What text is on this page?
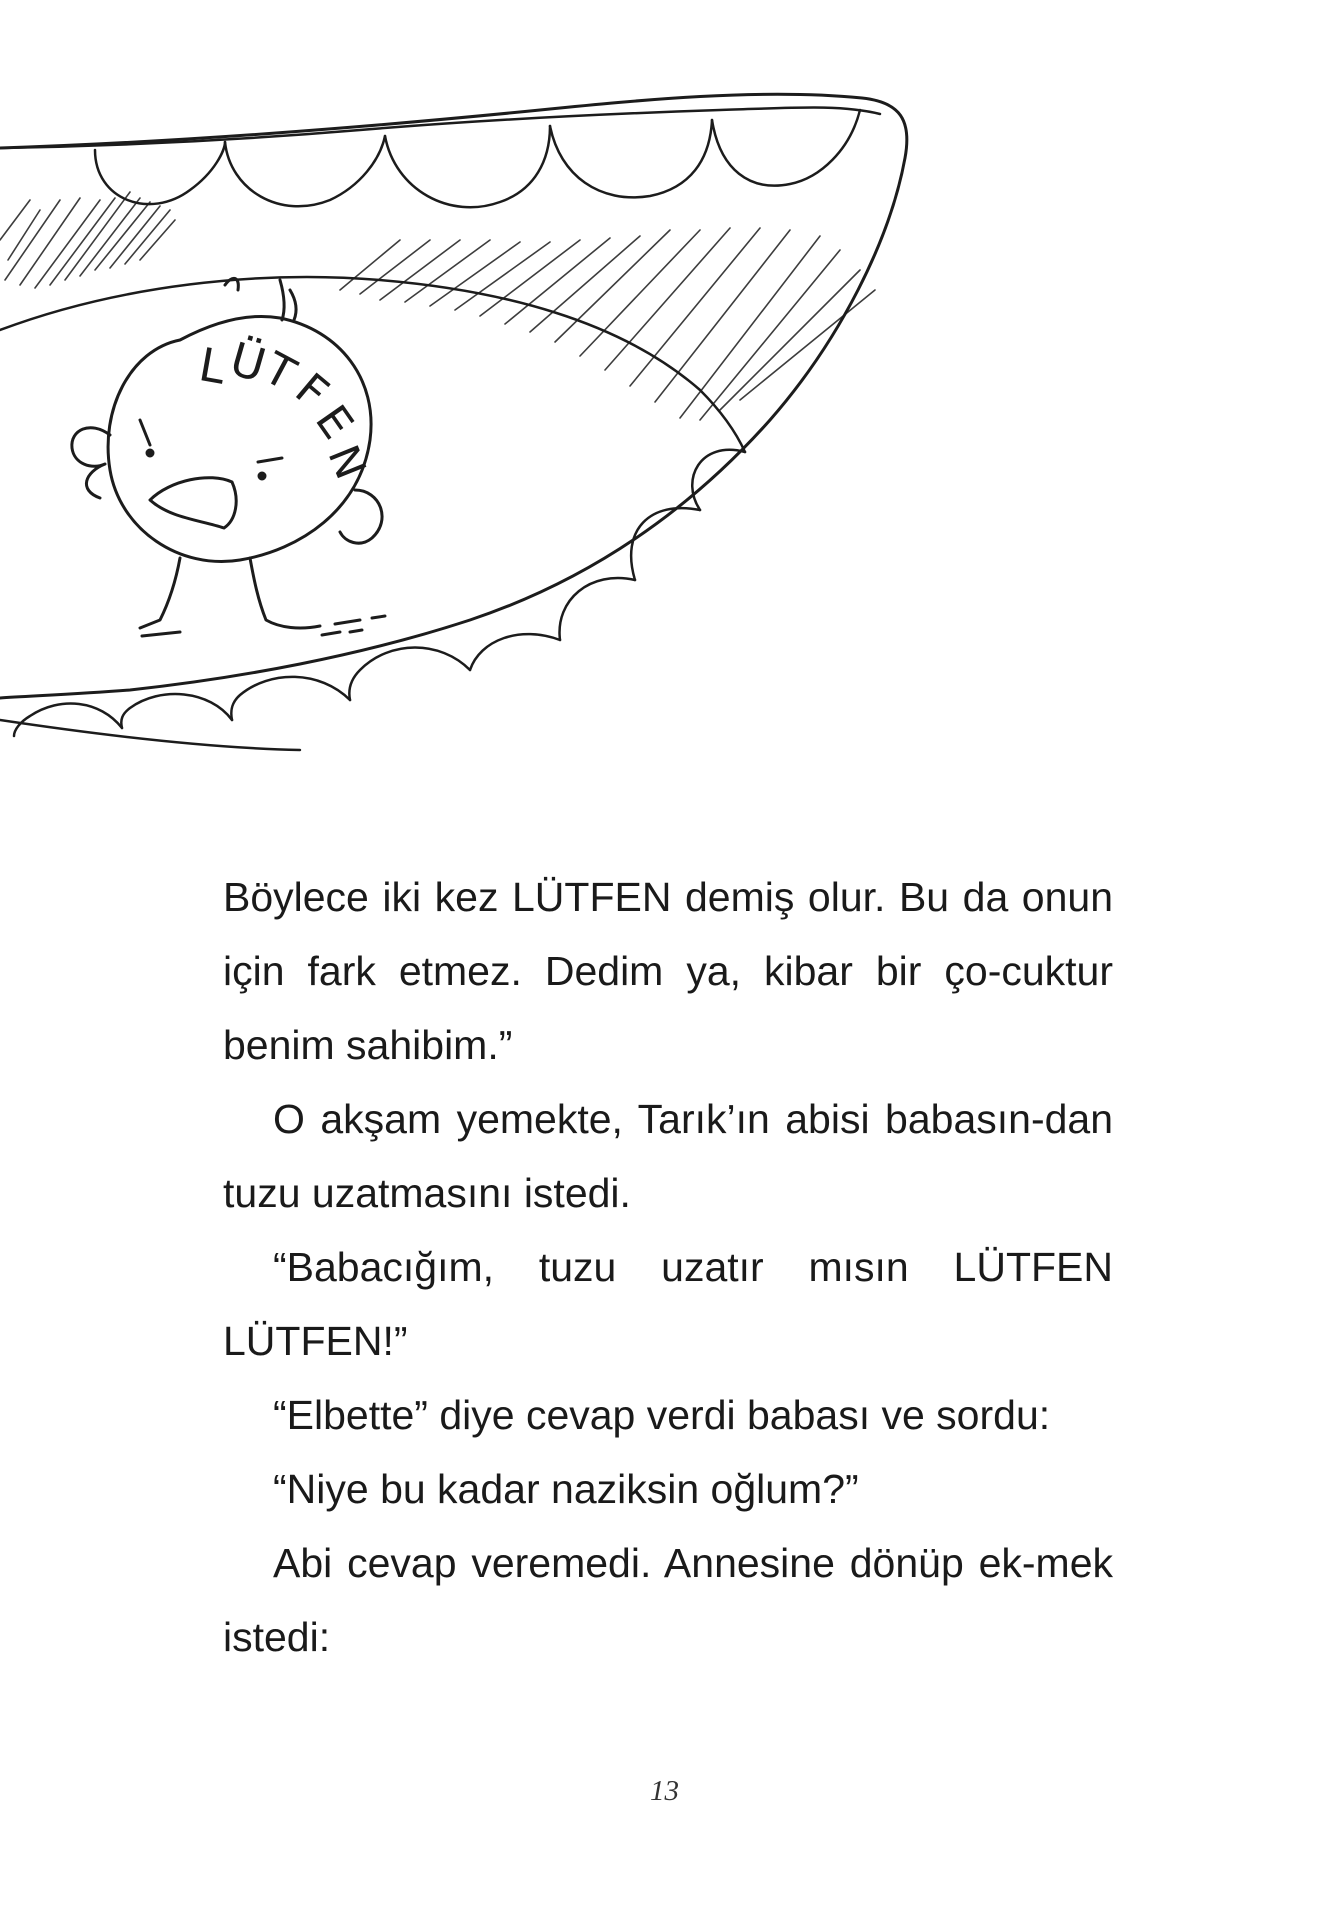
L
Ü
T
F
E
N

Böylece iki kez LÜTFEN demiş olur. Bu da onun için fark etmez. Dedim ya, kibar bir ço-cuktur benim sahibim.”

O akşam yemekte, Tarık’ın abisi babasın-dan tuzu uzatmasını istedi.

“Babacığım, tuzu uzatır mısın LÜTFEN LÜTFEN!”

“Elbette” diye cevap verdi babası ve sordu:

“Niye bu kadar naziksin oğlum?”

Abi cevap veremedi. Annesine dönüp ek-mek istedi:

13
